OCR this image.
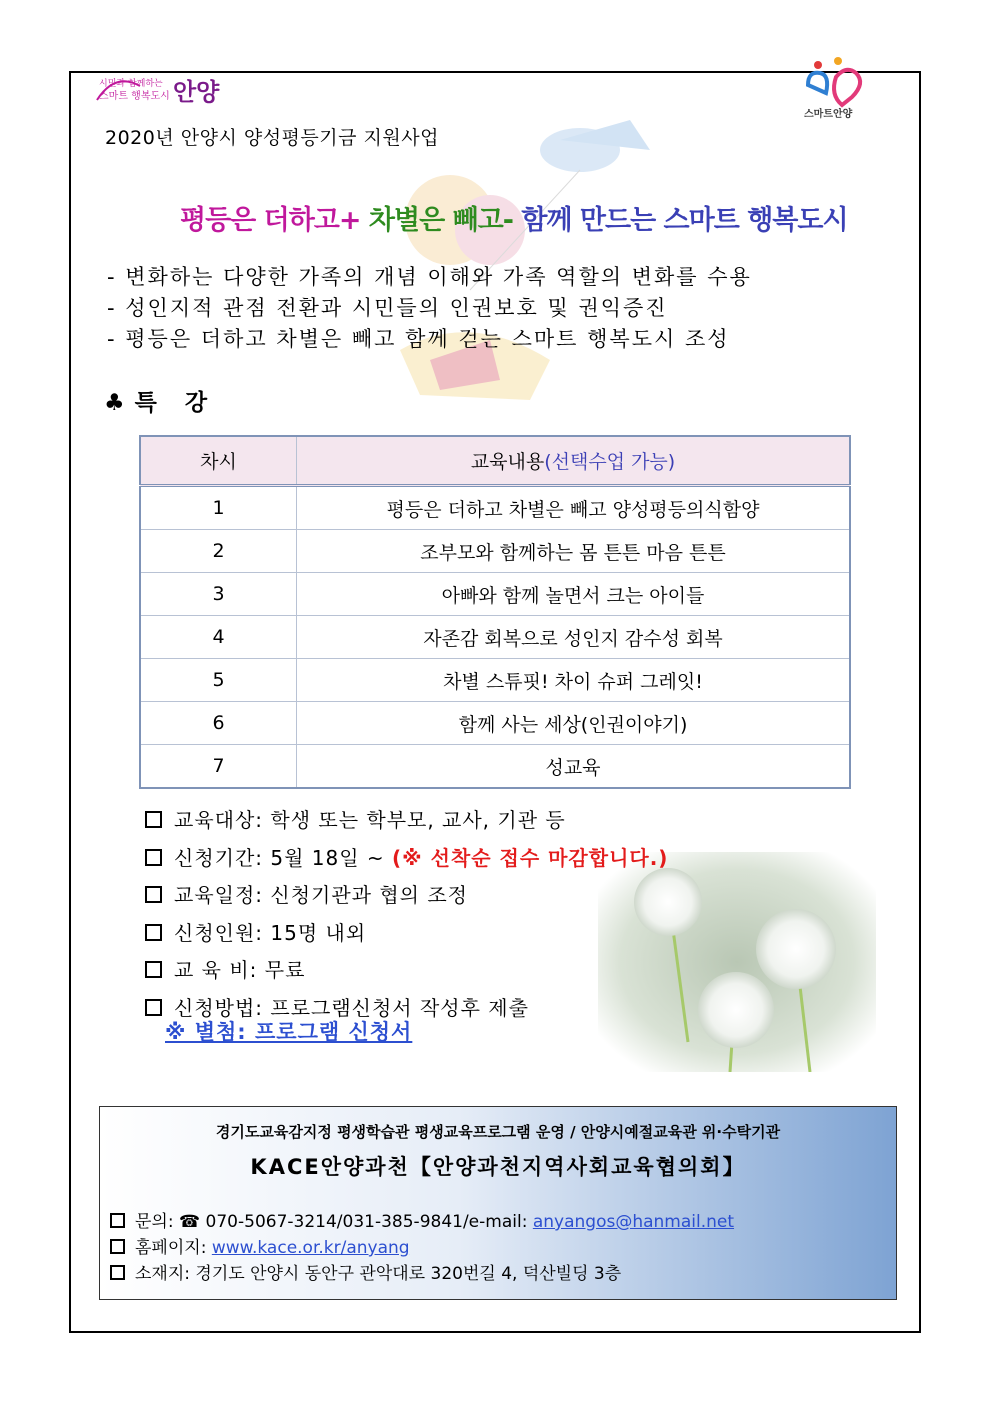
시민과 함께하는
스마트 행복도시 안양
스마트안양
2020년 안양시 양성평등기금 지원사업
평등은 더하고+ 차별은 빼고- 함께 만드는 스마트 행복도시
- 변화하는 다양한 가족의 개념 이해와 가족 역할의 변화를 수용
- 성인지적 관점 전환과 시민들의 인권보호 및 권익증진
- 평등은 더하고 차별은 빼고 함께 걷는 스마트 행복도시 조성
♣특 강
차시	교육내용(선택수업 가능)
1	평등은 더하고 차별은 빼고 양성평등의식함양
2	조부모와 함께하는 몸 튼튼 마음 튼튼
3	아빠와 함께 놀면서 크는 아이들
4	자존감 회복으로 성인지 감수성 회복
5	차별 스튜핏! 차이 슈퍼 그레잇!
6	함께 사는 세상(인권이야기)
7	성교육
교육대상: 학생 또는 학부모, 교사, 기관 등
신청기간: 5월 18일 ~ (※ 선착순 접수 마감합니다.)
교육일정: 신청기관과 협의 조정
신청인원: 15명 내외
교 육 비: 무료
신청방법: 프로그램신청서 작성후 제출
※ 별첨: 프로그램 신청서
경기도교육감지정 평생학습관 평생교육프로그램 운영 / 안양시예절교육관 위·수탁기관
KACE안양과천【안양과천지역사회교육협의회】
문의: ☎ 070-5067-3214/031-385-9841/e-mail: anyangos@hanmail.net
홈페이지: www.kace.or.kr/anyang
소재지: 경기도 안양시 동안구 관악대로 320번길 4, 덕산빌딩 3층
